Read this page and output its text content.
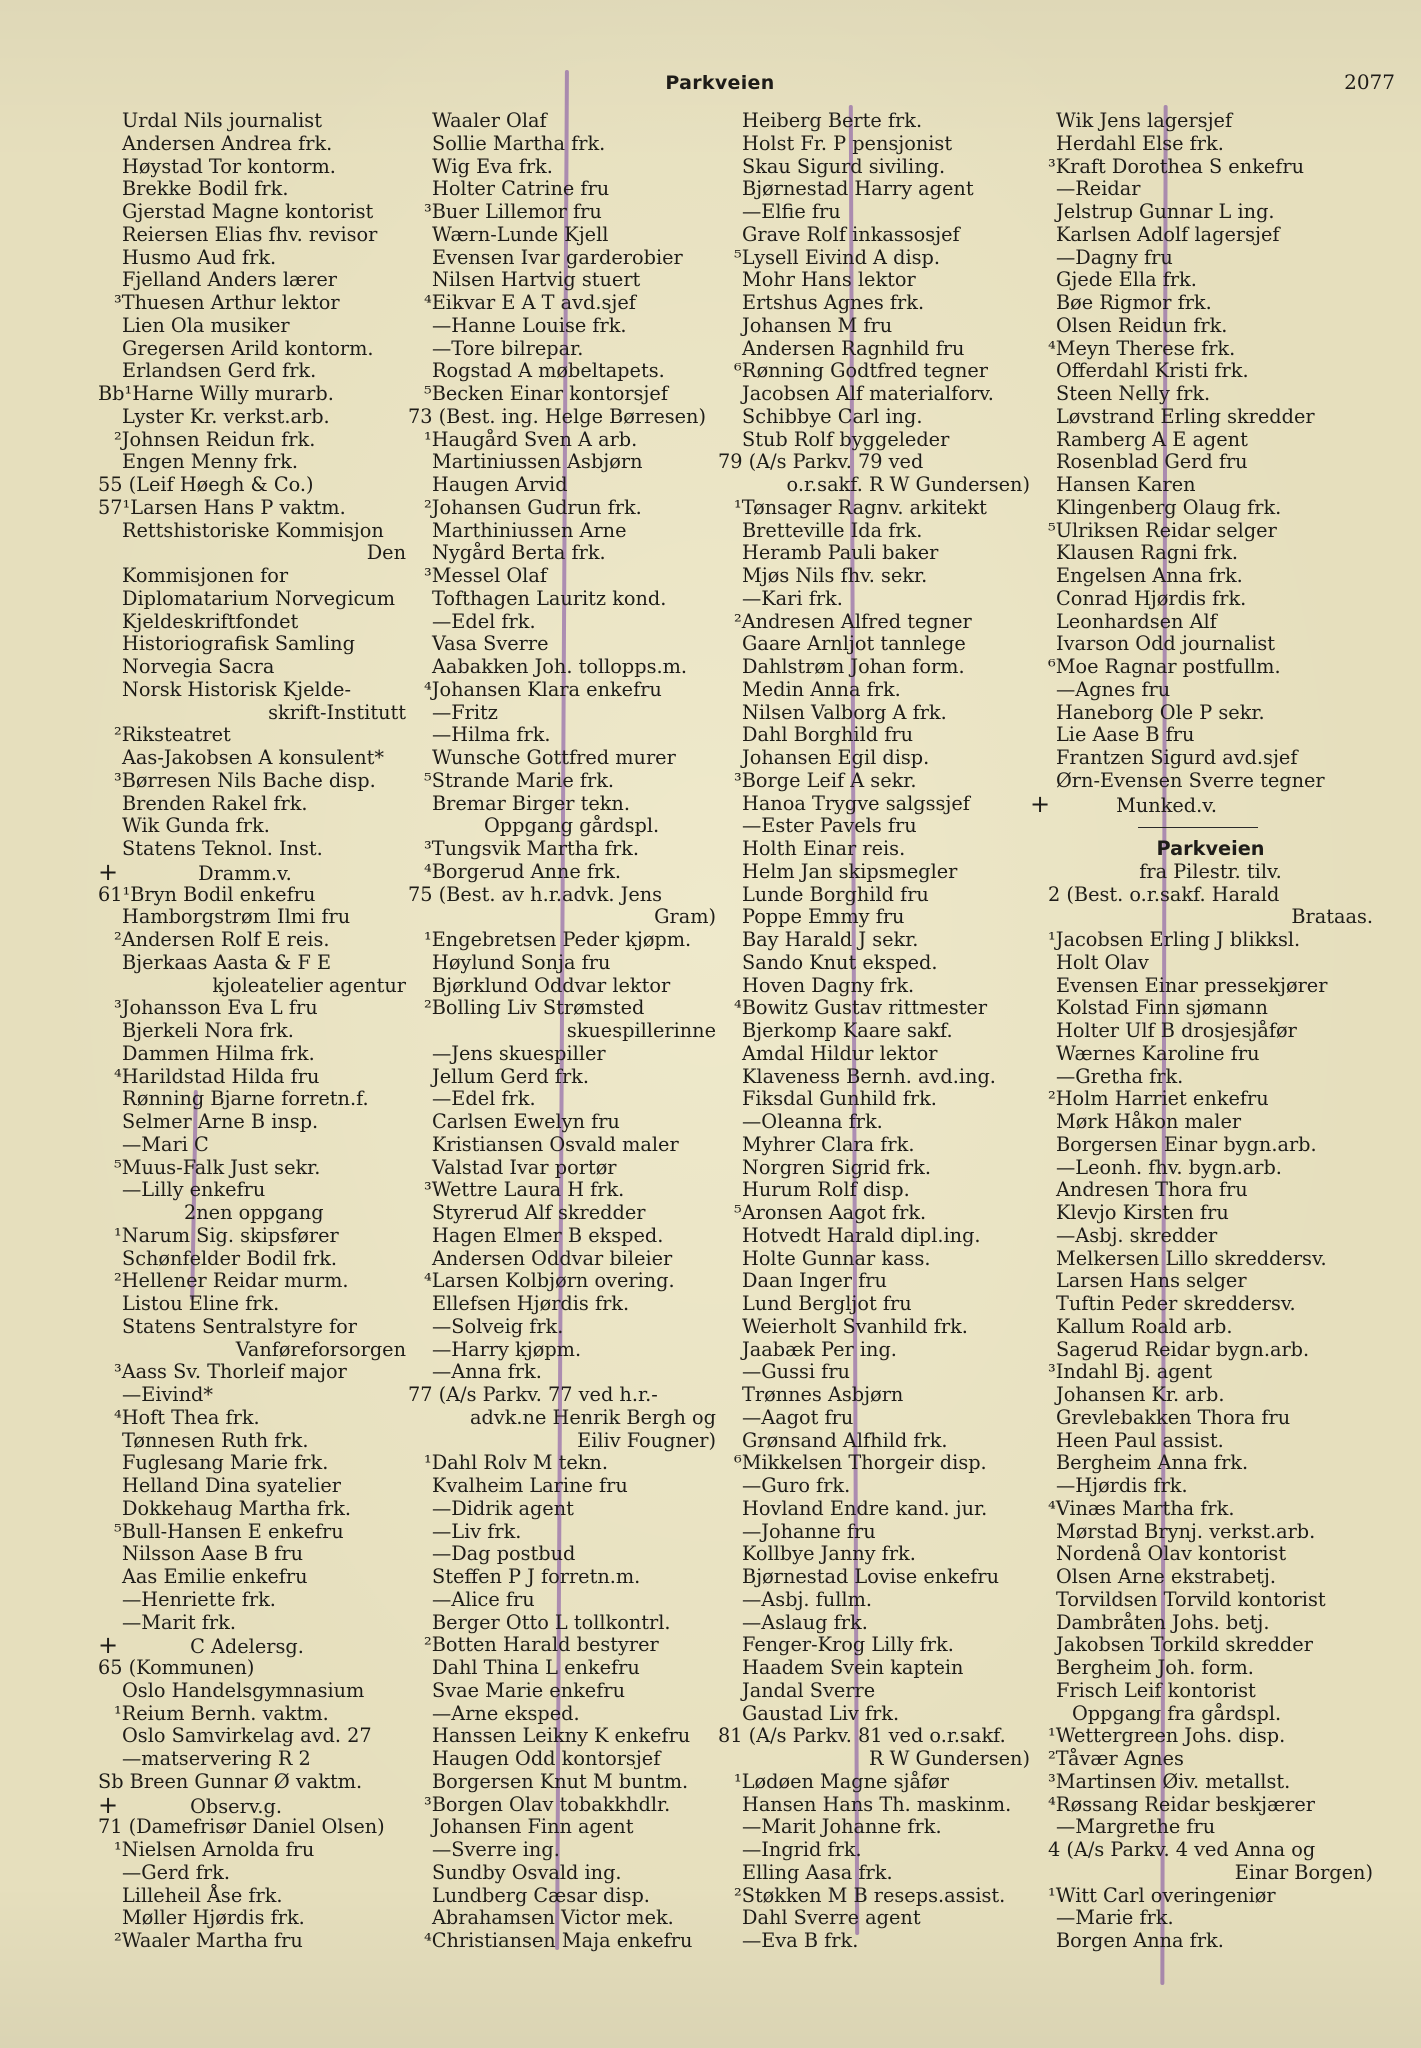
Parkveien	2077
Urdal Nils journalist
Andersen Andrea frk.
Høystad Tor kontorm.
Brekke Bodil frk.
Gjerstad Magne kontorist
Reiersen Elias fhv. revisor
Husmo Aud frk.
Fjelland Anders lærer
³Thuesen Arthur lektor
Lien Ola musiker
Gregersen Arild kontorm.
Erlandsen Gerd frk.
Bb¹Harne Willy murarb.
Lyster Kr. verkst.arb.
²Johnsen Reidun frk.
Engen Menny frk.
55 (Leif Høegh & Co.)
57¹Larsen Hans P vaktm.
Rettshistoriske Kommisjon
Den
Kommisjonen for
Diplomatarium Norvegicum
Kjeldeskriftfondet
Historiografisk Samling
Norvegia Sacra
Norsk Historisk Kjelde-
skrift-Institutt
²Riksteatret
Aas-Jakobsen A konsulent*
³Børresen Nils Bache disp.
Brenden Rakel frk.
Wik Gunda frk.
Statens Teknol. Inst.
+	Dramm.v.
61¹Bryn Bodil enkefru
Hamborgstrøm Ilmi fru
²Andersen Rolf E reis.
Bjerkaas Aasta & F E
kjoleatelier agentur
³Johansson Eva L fru
Bjerkeli Nora frk.
Dammen Hilma frk.
⁴Harildstad Hilda fru
Rønning Bjarne forretn.f.
Selmer Arne B insp.
—Mari C
⁵Muus-Falk Just sekr.
—Lilly enkefru
2nen oppgang
¹Narum Sig. skipsfører
Schønfelder Bodil frk.
²Hellener Reidar murm.
Listou Eline frk.
Statens Sentralstyre for
Vanføreforsorgen
³Aass Sv. Thorleif major
—Eivind*
⁴Hoft Thea frk.
Tønnesen Ruth frk.
Fuglesang Marie frk.
Helland Dina syatelier
Dokkehaug Martha frk.
⁵Bull-Hansen E enkefru
Nilsson Aase B fru
Aas Emilie enkefru
—Henriette frk.
—Marit frk.
+	C Adelersg.
65 (Kommunen)
Oslo Handelsgymnasium
¹Reium Bernh. vaktm.
Oslo Samvirkelag avd. 27
—matservering R 2
Sb Breen Gunnar Ø vaktm.
+	Observ.g.
71 (Damefrisør Daniel Olsen)
¹Nielsen Arnolda fru
—Gerd frk.
Lilleheil Åse frk.
Møller Hjørdis frk.
²Waaler Martha fru
Waaler Olaf
Sollie Martha frk.
Wig Eva frk.
Holter Catrine fru
³Buer Lillemor fru
Wærn-Lunde Kjell
Evensen Ivar garderobier
Nilsen Hartvig stuert
⁴Eikvar E A T avd.sjef
—Hanne Louise frk.
—Tore bilrepar.
Rogstad A møbeltapets.
⁵Becken Einar kontorsjef
73 (Best. ing. Helge Børresen)
¹Haugård Sven A arb.
Martiniussen Asbjørn
Haugen Arvid
²Johansen Gudrun frk.
Marthiniussen Arne
Nygård Berta frk.
³Messel Olaf
Tofthagen Lauritz kond.
—Edel frk.
Vasa Sverre
Aabakken Joh. tollopps.m.
⁴Johansen Klara enkefru
—Fritz
—Hilma frk.
Wunsche Gottfred murer
⁵Strande Marie frk.
Bremar Birger tekn.
Oppgang gårdspl.
³Tungsvik Martha frk.
⁴Borgerud Anne frk.
75 (Best. av h.r.advk. Jens
Gram)
¹Engebretsen Peder kjøpm.
Høylund Sonja fru
Bjørklund Oddvar lektor
²Bolling Liv Strømsted
skuespillerinne
—Jens skuespiller
Jellum Gerd frk.
—Edel frk.
Carlsen Ewelyn fru
Kristiansen Osvald maler
Valstad Ivar portør
³Wettre Laura H frk.
Styrerud Alf skredder
Hagen Elmer B eksped.
Andersen Oddvar bileier
⁴Larsen Kolbjørn overing.
Ellefsen Hjørdis frk.
—Solveig frk.
—Harry kjøpm.
—Anna frk.
77 (A/s Parkv. 77 ved h.r.-
advk.ne Henrik Bergh og
Eiliv Fougner)
¹Dahl Rolv M tekn.
Kvalheim Larine fru
—Didrik agent
—Liv frk.
—Dag postbud
Steffen P J forretn.m.
—Alice fru
Berger Otto L tollkontrl.
²Botten Harald bestyrer
Dahl Thina L enkefru
Svae Marie enkefru
—Arne eksped.
Hanssen Leikny K enkefru
Haugen Odd kontorsjef
Borgersen Knut M buntm.
³Borgen Olav tobakkhdlr.
Johansen Finn agent
—Sverre ing.
Sundby Osvald ing.
Lundberg Cæsar disp.
Abrahamsen Victor mek.
⁴Christiansen Maja enkefru
Heiberg Berte frk.
Holst Fr. P pensjonist
Skau Sigurd siviling.
Bjørnestad Harry agent
—Elfie fru
Grave Rolf inkassosjef
⁵Lysell Eivind A disp.
Mohr Hans lektor
Ertshus Agnes frk.
Johansen M fru
Andersen Ragnhild fru
⁶Rønning Godtfred tegner
Jacobsen Alf materialforv.
Schibbye Carl ing.
Stub Rolf byggeleder
79 (A/s Parkv. 79 ved
o.r.sakf. R W Gundersen)
¹Tønsager Ragnv. arkitekt
Bretteville Ida frk.
Heramb Pauli baker
Mjøs Nils fhv. sekr.
—Kari frk.
²Andresen Alfred tegner
Gaare Arnljot tannlege
Dahlstrøm Johan form.
Medin Anna frk.
Nilsen Valborg A frk.
Dahl Borghild fru
Johansen Egil disp.
³Borge Leif A sekr.
Hanoa Trygve salgssjef
—Ester Pavels fru
Holth Einar reis.
Helm Jan skipsmegler
Lunde Borghild fru
Poppe Emmy fru
Bay Harald J sekr.
Sando Knut eksped.
Hoven Dagny frk.
⁴Bowitz Gustav rittmester
Bjerkomp Kaare sakf.
Amdal Hildur lektor
Klaveness Bernh. avd.ing.
Fiksdal Gunhild frk.
—Oleanna frk.
Myhrer Clara frk.
Norgren Sigrid frk.
Hurum Rolf disp.
⁵Aronsen Aagot frk.
Hotvedt Harald dipl.ing.
Holte Gunnar kass.
Daan Inger fru
Lund Bergljot fru
Weierholt Svanhild frk.
Jaabæk Per ing.
—Gussi fru
Trønnes Asbjørn
—Aagot fru
Grønsand Alfhild frk.
⁶Mikkelsen Thorgeir disp.
—Guro frk.
Hovland Endre kand. jur.
—Johanne fru
Kollbye Janny frk.
Bjørnestad Lovise enkefru
—Asbj. fullm.
—Aslaug frk.
Fenger-Krog Lilly frk.
Haadem Svein kaptein
Jandal Sverre
Gaustad Liv frk.
81 (A/s Parkv. 81 ved o.r.sakf.
R W Gundersen)
¹Lødøen Magne sjåfør
Hansen Hans Th. maskinm.
—Marit Johanne frk.
—Ingrid frk.
Elling Aasa frk.
²Støkken M B reseps.assist.
Dahl Sverre agent
—Eva B frk.
Wik Jens lagersjef
Herdahl Else frk.
³Kraft Dorothea S enkefru
—Reidar
Jelstrup Gunnar L ing.
Karlsen Adolf lagersjef
—Dagny fru
Gjede Ella frk.
Bøe Rigmor frk.
Olsen Reidun frk.
⁴Meyn Therese frk.
Offerdahl Kristi frk.
Steen Nelly frk.
Løvstrand Erling skredder
Ramberg A E agent
Rosenblad Gerd fru
Hansen Karen
Klingenberg Olaug frk.
⁵Ulriksen Reidar selger
Klausen Ragni frk.
Engelsen Anna frk.
Conrad Hjørdis frk.
Leonhardsen Alf
Ivarson Odd journalist
⁶Moe Ragnar postfullm.
—Agnes fru
Haneborg Ole P sekr.
Lie Aase B fru
Frantzen Sigurd avd.sjef
Ørn-Evensen Sverre tegner
+	Munked.v.
Parkveien
fra Pilestr. tilv.
2 (Best. o.r.sakf. Harald
Brataas.
¹Jacobsen Erling J blikksl.
Holt Olav
Evensen Einar pressekjører
Kolstad Finn sjømann
Holter Ulf B drosjesjåfør
Wærnes Karoline fru
—Gretha frk.
²Holm Harriet enkefru
Mørk Håkon maler
Borgersen Einar bygn.arb.
—Leonh. fhv. bygn.arb.
Andresen Thora fru
Klevjo Kirsten fru
—Asbj. skredder
Melkersen Lillo skreddersv.
Larsen Hans selger
Tuftin Peder skreddersv.
Kallum Roald arb.
Sagerud Reidar bygn.arb.
³Indahl Bj. agent
Johansen Kr. arb.
Grevlebakken Thora fru
Heen Paul assist.
Bergheim Anna frk.
—Hjørdis frk.
⁴Vinæs Martha frk.
Mørstad Brynj. verkst.arb.
Nordenå Olav kontorist
Olsen Arne ekstrabetj.
Torvildsen Torvild kontorist
Dambråten Johs. betj.
Jakobsen Torkild skredder
Bergheim Joh. form.
Frisch Leif kontorist
Oppgang fra gårdspl.
¹Wettergreen Johs. disp.
²Tåvær Agnes
³Martinsen Øiv. metallst.
⁴Røssang Reidar beskjærer
—Margrethe fru
4 (A/s Parkv. 4 ved Anna og
Einar Borgen)
¹Witt Carl overingeniør
—Marie frk.
Borgen Anna frk.
